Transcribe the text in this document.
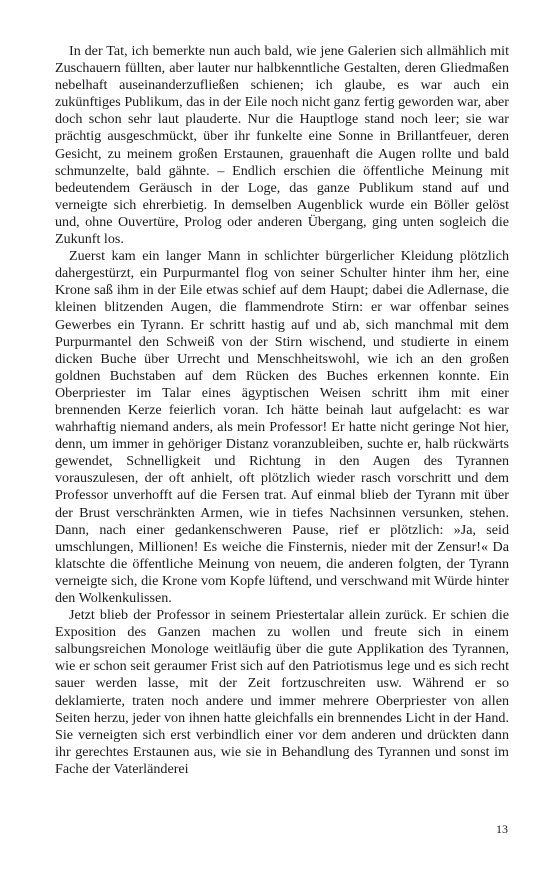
In der Tat, ich bemerkte nun auch bald, wie jene Galerien sich allmählich mit Zuschauern füllten, aber lauter nur halbkenntliche Gestalten, deren Gliedmaßen nebelhaft auseinanderzufließen schienen; ich glaube, es war auch ein zukünftiges Publikum, das in der Eile noch nicht ganz fertig geworden war, aber doch schon sehr laut plauderte. Nur die Hauptloge stand noch leer; sie war prächtig ausgeschmückt, über ihr funkelte eine Sonne in Brillantfeuer, deren Gesicht, zu meinem großen Erstaunen, grauenhaft die Augen rollte und bald schmunzelte, bald gähnte. – Endlich erschien die öffentliche Meinung mit bedeutendem Geräusch in der Loge, das ganze Publikum stand auf und verneigte sich ehrerbietig. In demselben Augenblick wurde ein Böller gelöst und, ohne Ouvertüre, Prolog oder anderen Übergang, ging unten sogleich die Zukunft los.

Zuerst kam ein langer Mann in schlichter bürgerlicher Kleidung plötzlich dahergestürzt, ein Purpurmantel flog von seiner Schulter hinter ihm her, eine Krone saß ihm in der Eile etwas schief auf dem Haupt; dabei die Adlernase, die kleinen blitzenden Augen, die flammendrote Stirn: er war offenbar seines Gewerbes ein Tyrann. Er schritt hastig auf und ab, sich manchmal mit dem Purpurmantel den Schweiß von der Stirn wischend, und studierte in einem dicken Buche über Urrecht und Menschheitswohl, wie ich an den großen goldnen Buchstaben auf dem Rücken des Buches erkennen konnte. Ein Oberpriester im Talar eines ägyptischen Weisen schritt ihm mit einer brennenden Kerze feierlich voran. Ich hätte beinah laut aufgelacht: es war wahrhaftig niemand anders, als mein Professor! Er hatte nicht geringe Not hier, denn, um immer in gehöriger Distanz voranzubleiben, suchte er, halb rückwärts gewendet, Schnelligkeit und Richtung in den Augen des Tyrannen vorauszulesen, der oft anhielt, oft plötzlich wieder rasch vorschritt und dem Professor unverhofft auf die Fersen trat. Auf einmal blieb der Tyrann mit über der Brust verschränkten Armen, wie in tiefes Nachsinnen versunken, stehen. Dann, nach einer gedankenschweren Pause, rief er plötzlich: »Ja, seid umschlungen, Millionen! Es weiche die Finsternis, nieder mit der Zensur!« Da klatschte die öffentliche Meinung von neuem, die anderen folgten, der Tyrann verneigte sich, die Krone vom Kopfe lüftend, und verschwand mit Würde hinter den Wolkenkulissen.

Jetzt blieb der Professor in seinem Priestertalar allein zurück. Er schien die Exposition des Ganzen machen zu wollen und freute sich in einem salbungsreichen Monologe weitläufig über die gute Applikation des Tyrannen, wie er schon seit geraumer Frist sich auf den Patriotismus lege und es sich recht sauer werden lasse, mit der Zeit fortzuschreiten usw. Während er so deklamierte, traten noch andere und immer mehrere Oberpriester von allen Seiten herzu, jeder von ihnen hatte gleichfalls ein brennendes Licht in der Hand. Sie verneigten sich erst verbindlich einer vor dem anderen und drückten dann ihr gerechtes Erstaunen aus, wie sie in Behandlung des Tyrannen und sonst im Fache der Vaterländerei

13
